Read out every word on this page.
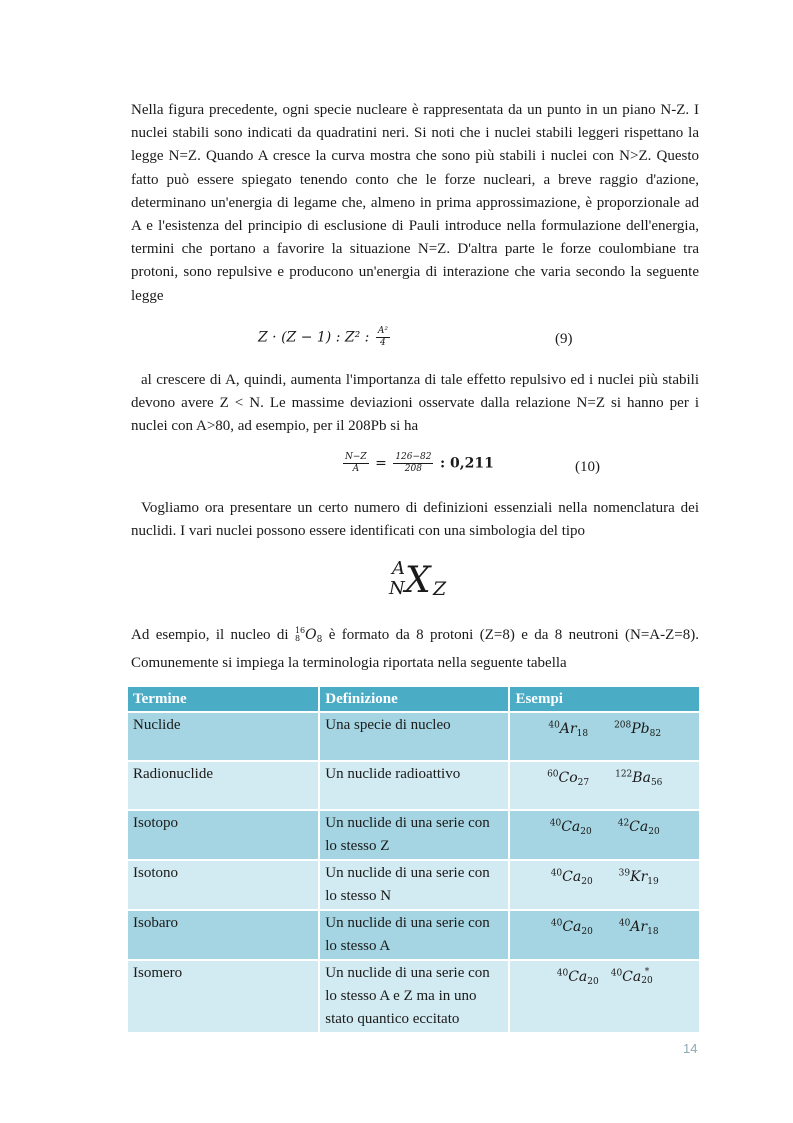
Nella figura precedente, ogni specie nucleare è rappresentata da un punto in un piano N-Z. I nuclei stabili sono indicati da quadratini neri. Si noti che i nuclei stabili leggeri rispettano la legge N=Z. Quando A cresce la curva mostra che sono più stabili i nuclei con N>Z. Questo fatto può essere spiegato tenendo conto che le forze nucleari, a breve raggio d'azione, determinano un'energia di legame che, almeno in prima approssimazione, è proporzionale ad A e l'esistenza del principio di esclusione di Pauli introduce nella formulazione dell'energia, termini che portano a favorire la situazione N=Z. D'altra parte le forze coulombiane tra protoni, sono repulsive e producono un'energia di interazione che varia secondo la seguente legge

Z · (Z − 1) : Z² : $\frac{\text{A²}}{4}$	(9)

al crescere di A, quindi, aumenta l'importanza di tale effetto repulsivo ed i nuclei più stabili devono avere Z < N. Le massime deviazioni osservate dalla relazione N=Z si hanno per i nuclei con A>80, ad esempio, per il 208Pb si ha

$\frac{N-Z}{A} = \frac{126-82}{208}$ : 0,211	(10)

Vogliamo ora presentare un certo numero di definizioni essenziali nella nomenclatura dei nuclidi. I vari nuclei possono essere identificati con una simbologia del tipo

A
N X Z

Ad esempio, il nucleo di 16
8 $O_8$ è formato da 8 protoni (Z=8) e da 8 neutroni (N=A-Z=8). Comunemente si impiega la terminologia riportata nella seguente tabella

Termine	Definizione	Esempi
Nuclide	Una specie di nucleo	$^{40}Ar_{18}^{208}Pb_{82}$
Radionuclide	Un nuclide radioattivo	$^{60}Co_{27}^{122}Ba_{56}$
Isotopo	Un nuclide di una serie con lo stesso Z	$^{40}Ca_{20}^{42}Ca_{20}$
Isotono	Un nuclide di una serie con lo stesso N	$^{40}Ca_{20}^{39}Kr_{19}$
Isobaro	Un nuclide di una serie con lo stesso A	$^{40}Ca_{20}^{40}Ar_{18}$
Isomero	Un nuclide di una serie con lo stesso A e Z ma in uno stato quantico eccitato	$^{40}Ca_{20}^{40}Ca$ *
20
14
